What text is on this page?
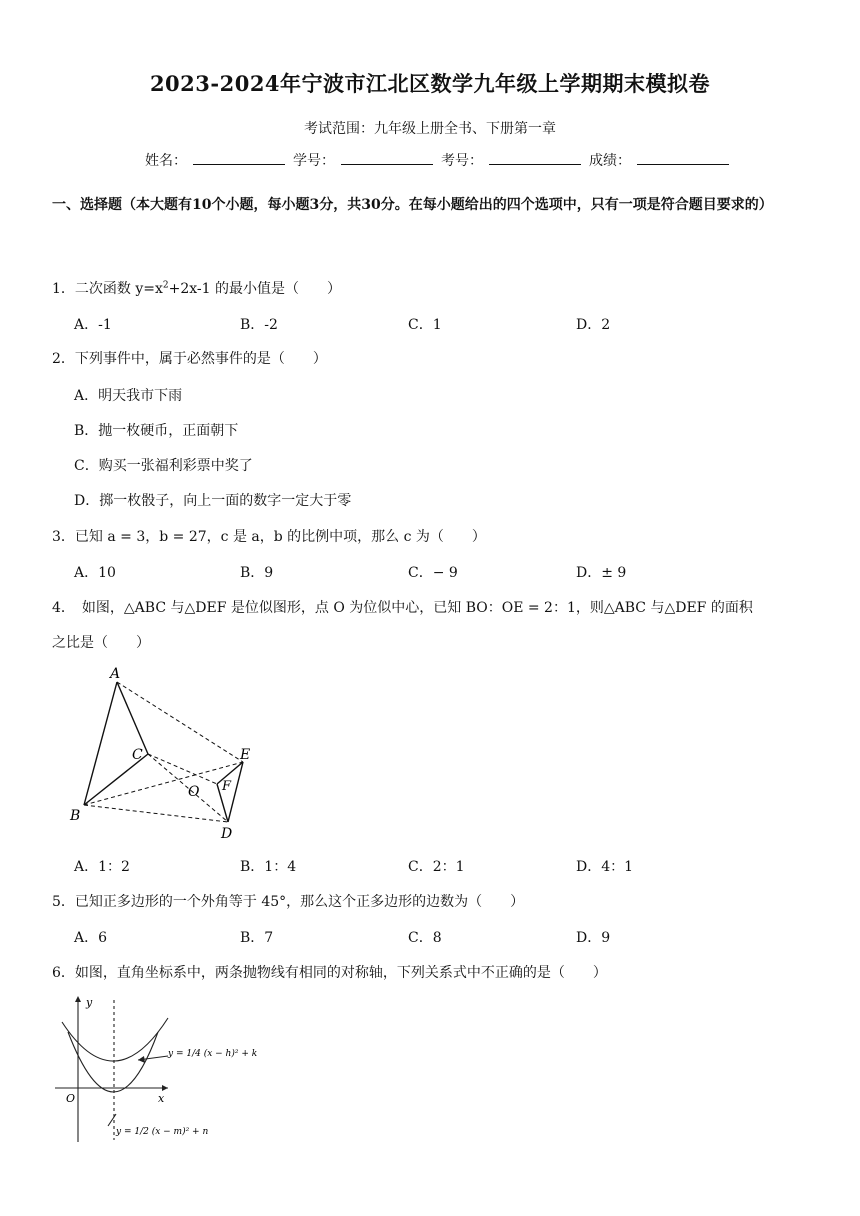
2023-2024年宁波市江北区数学九年级上学期期末模拟卷
考试范围：九年级上册全书、下册第一章
姓名：	学号：	考号：	成绩：
一、选择题（本大题有10个小题，每小题3分，共30分。在每小题给出的四个选项中，只有一项是符合题目要求的）
1．二次函数 $y=x^2+2x-1$ 的最小值是（　　）
A．-1	B．-2	C．1	D．2
2．下列事件中，属于必然事件的是（　　）
A．明天我市下雨
B．抛一枚硬币，正面朝下
C．购买一张福利彩票中奖了
D．掷一枚骰子，向上一面的数字一定大于零
3．已知 a = 3，b = 27，c 是 a，b 的比例中项，那么 c 为（　　）
A．10	B．9	C．− 9	D．± 9
4．　如图，△ABC 与△DEF 是位似图形，点 O 为位似中心，已知 BO：OE = 2：1，则△ABC 与△DEF 的面积
之比是（　　）
A
B
C
D
E
F
O
A．1：2	B．1：4	C．2：1	D．4：1
5．已知正多边形的一个外角等于 45°，那么这个正多边形的边数为（　　）
A．6	B．7	C．8	D．9
6．如图，直角坐标系中，两条抛物线有相同的对称轴，下列关系式中不正确的是（　　）
y
x
O
y = 1/4 (x − h)² + k
y = 1/2 (x − m)² + n
